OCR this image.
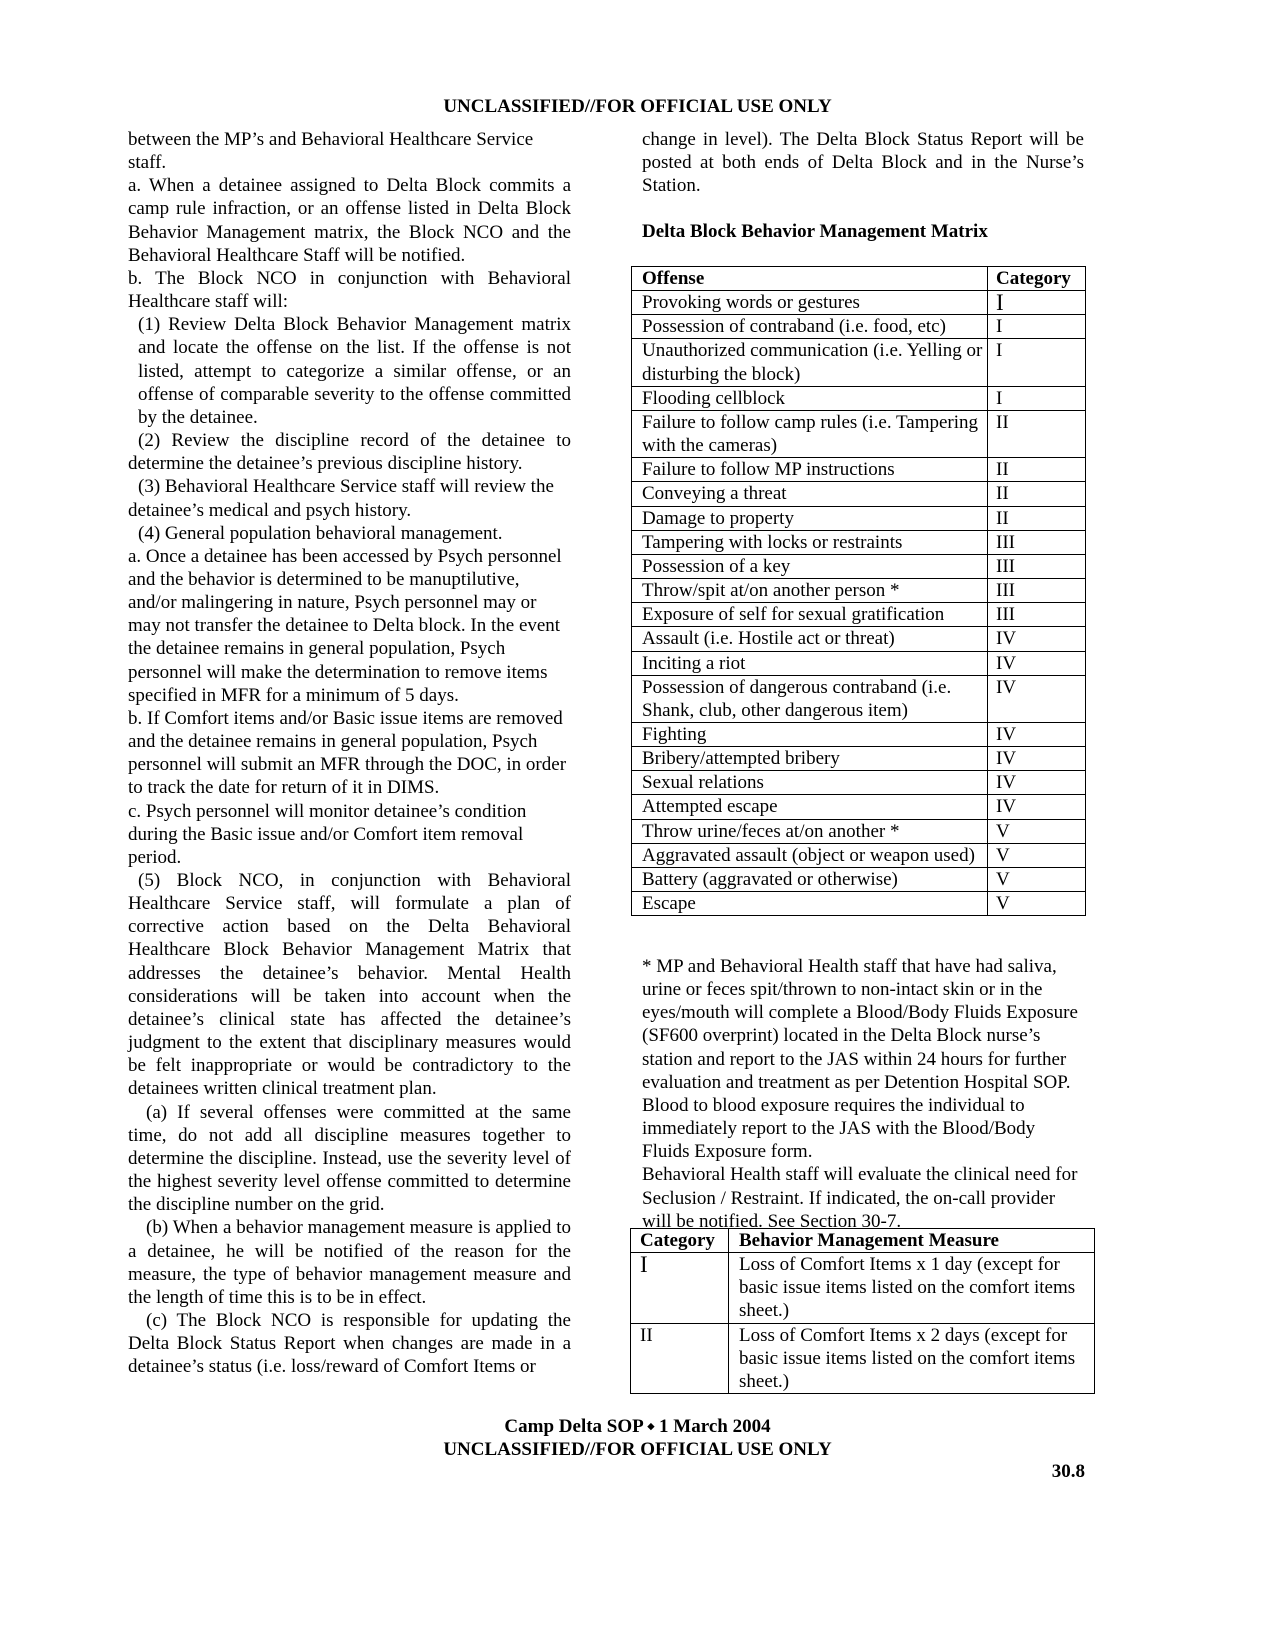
UNCLASSIFIED//FOR OFFICIAL USE ONLY

between the MP’s and Behavioral Healthcare Service staff.

a. When a detainee assigned to Delta Block commits a camp rule infraction, or an offense listed in Delta Block Behavior Management matrix, the Block NCO and the Behavioral Healthcare Staff will be notified.

b. The Block NCO in conjunction with Behavioral Healthcare staff will:

(1) Review Delta Block Behavior Management matrix and locate the offense on the list. If the offense is not listed, attempt to categorize a similar offense, or an offense of comparable severity to the offense committed by the detainee.

(2) Review the discipline record of the detainee to determine the detainee’s previous discipline history.

(3) Behavioral Healthcare Service staff will review the detainee’s medical and psych history.

(4) General population behavioral management.

a. Once a detainee has been accessed by Psych personnel and the behavior is determined to be manuptilutive, and/or malingering in nature, Psych personnel may or may not transfer the detainee to Delta block. In the event the detainee remains in general population, Psych personnel will make the determination to remove items specified in MFR for a minimum of 5 days.

b. If Comfort items and/or Basic issue items are removed and the detainee remains in general population, Psych personnel will submit an MFR through the DOC, in order to track the date for return of it in DIMS.

c. Psych personnel will monitor detainee’s condition during the Basic issue and/or Comfort item removal period.

(5) Block NCO, in conjunction with Behavioral Healthcare Service staff, will formulate a plan of corrective action based on the Delta Behavioral Healthcare Block Behavior Management Matrix that addresses the detainee’s behavior. Mental Health considerations will be taken into account when the detainee’s clinical state has affected the detainee’s judgment to the extent that disciplinary measures would be felt inappropriate or would be contradictory to the detainees written clinical treatment plan.

(a) If several offenses were committed at the same time, do not add all discipline measures together to determine the discipline. Instead, use the severity level of the highest severity level offense committed to determine the discipline number on the grid.

(b) When a behavior management measure is applied to a detainee, he will be notified of the reason for the measure, the type of behavior management measure and the length of time this is to be in effect.

(c) The Block NCO is responsible for updating the Delta Block Status Report when changes are made in a detainee’s status (i.e. loss/reward of Comfort Items or

change in level). The Delta Block Status Report will be posted at both ends of Delta Block and in the Nurse’s Station.

Delta Block Behavior Management Matrix

Offense	Category
Provoking words or gestures	I
Possession of contraband (i.e. food, etc)	I
Unauthorized communication (i.e. Yelling or disturbing the block)	I
Flooding cellblock	I
Failure to follow camp rules (i.e. Tampering with the cameras)	II
Failure to follow MP instructions	II
Conveying a threat	II
Damage to property	II
Tampering with locks or restraints	III
Possession of a key	III
Throw/spit at/on another person *	III
Exposure of self for sexual gratification	III
Assault (i.e. Hostile act or threat)	IV
Inciting a riot	IV
Possession of dangerous contraband (i.e. Shank, club, other dangerous item)	IV
Fighting	IV
Bribery/attempted bribery	IV
Sexual relations	IV
Attempted escape	IV
Throw urine/feces at/on another *	V
Aggravated assault (object or weapon used)	V
Battery (aggravated or otherwise)	V
Escape	V

* MP and Behavioral Health staff that have had saliva, urine or feces spit/thrown to non-intact skin or in the eyes/mouth will complete a Blood/Body Fluids Exposure (SF600 overprint) located in the Delta Block nurse’s station and report to the JAS within 24 hours for further evaluation and treatment as per Detention Hospital SOP. Blood to blood exposure requires the individual to immediately report to the JAS with the Blood/Body Fluids Exposure form.

Behavioral Health staff will evaluate the clinical need for Seclusion / Restraint. If indicated, the on-call provider will be notified. See Section 30-7.

Category	Behavior Management Measure
I	Loss of Comfort Items x 1 day (except for basic issue items listed on the comfort items sheet.)
II	Loss of Comfort Items x 2 days (except for basic issue items listed on the comfort items sheet.)
Camp Delta SOP ⬩ 1 March 2004
UNCLASSIFIED//FOR OFFICIAL USE ONLY
30.8
